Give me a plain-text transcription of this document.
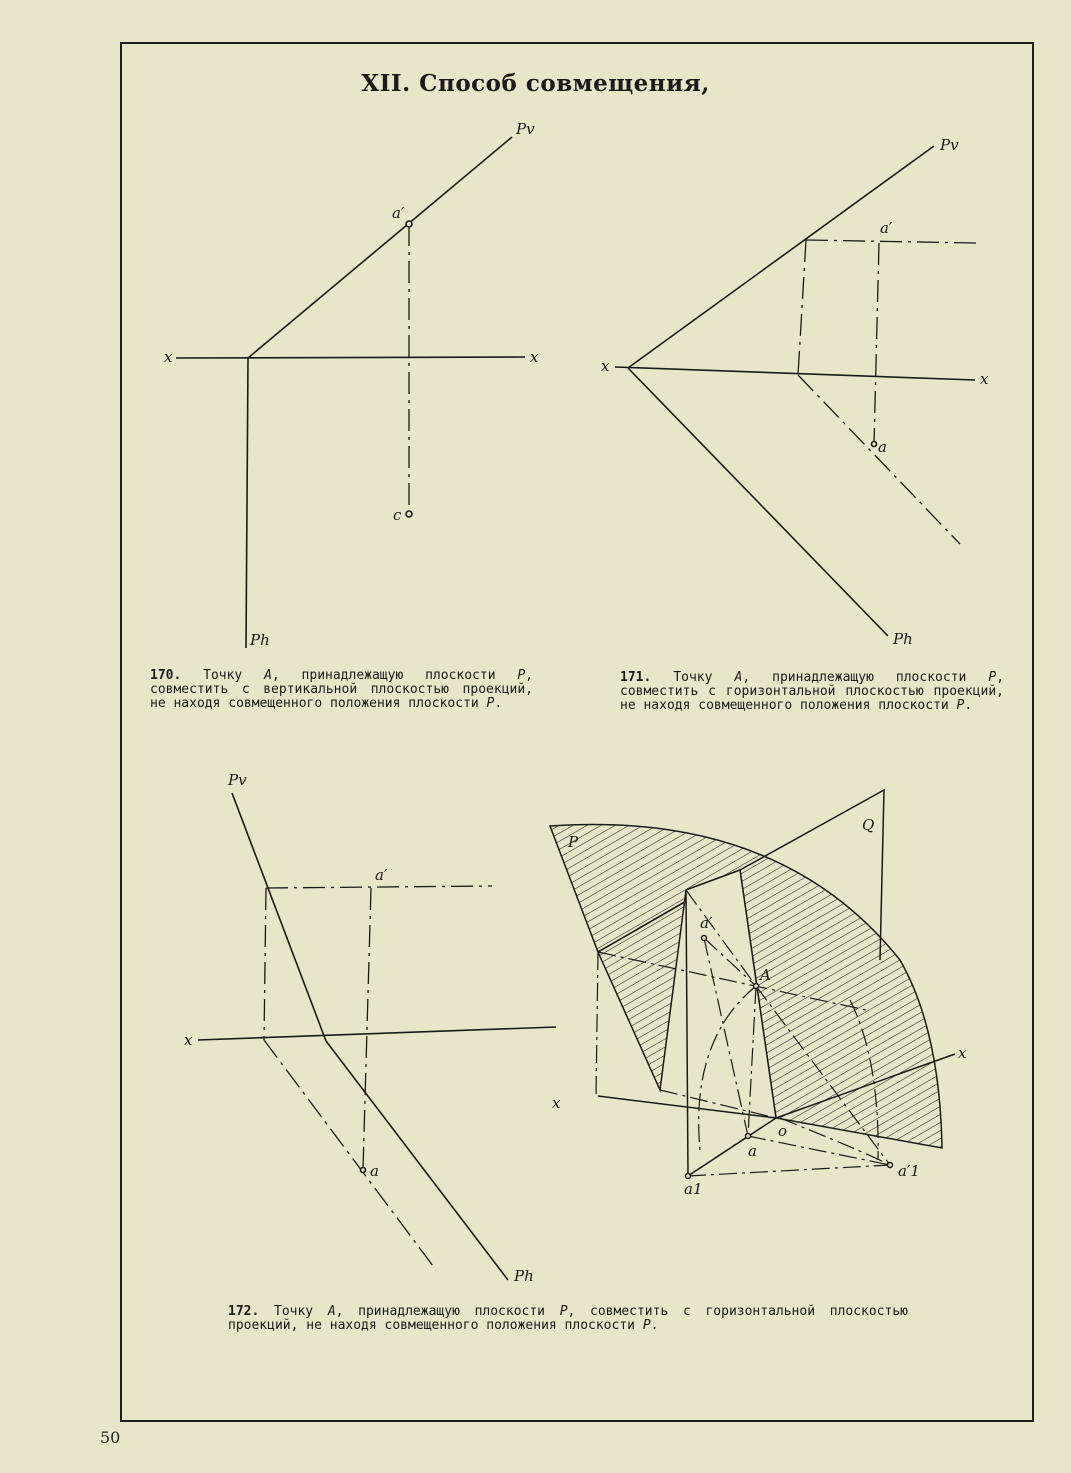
XII. Способ совмещения,
Pv
a′
x	x
c
Ph
Pv
a′
x
x
a
Ph
Pv
a′
x
a
Ph
P
Q
a′
A
x
x
o
a
a1
a′1
170. Точку A, принадлежащую плоскости P, совместить с вертикальной плоскостью проекций, не находя совмещенного положения плоскости P.
171. Точку A, принадлежащую плоскости P, совместить с горизонтальной плоскостью проекций, не находя совмещенного положения плоскости P.
172. Точку A, принадлежащую плоскости P, совместить с горизонтальной плоскостью проекций, не находя совмещенного положения плоскости P.
50
